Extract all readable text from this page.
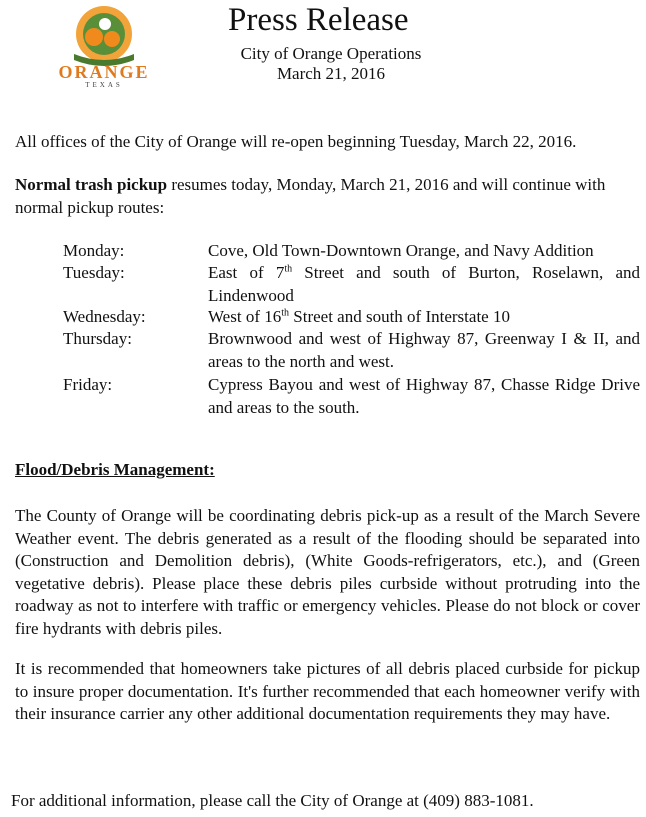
ORANGE
TEXAS
Press Release
City of Orange Operations
March 21, 2016
All offices of the City of Orange will re-open beginning Tuesday, March 22, 2016.
Normal trash pickup resumes today, Monday, March 21, 2016 and will continue with normal pickup routes:
Monday:	Cove, Old Town-Downtown Orange, and Navy Addition
Tuesday:	East of 7th Street and south of Burton, Roselawn, and Lindenwood
Wednesday:	West of 16th Street and south of Interstate 10
Thursday:	Brownwood and west of Highway 87, Greenway I & II, and areas to the north and west.
Friday:	Cypress Bayou and west of Highway 87, Chasse Ridge Drive and areas to the south.
Flood/Debris Management:
The County of Orange will be coordinating debris pick-up as a result of the March Severe Weather event. The debris generated as a result of the flooding should be separated into (Construction and Demolition debris), (White Goods-refrigerators, etc.), and (Green vegetative debris). Please place these debris piles curbside without protruding into the roadway as not to interfere with traffic or emergency vehicles. Please do not block or cover fire hydrants with debris piles.
It is recommended that homeowners take pictures of all debris placed curbside for pickup to insure proper documentation. It's further recommended that each homeowner verify with their insurance carrier any other additional documentation requirements they may have.
For additional information, please call the City of Orange at (409) 883-1081.
